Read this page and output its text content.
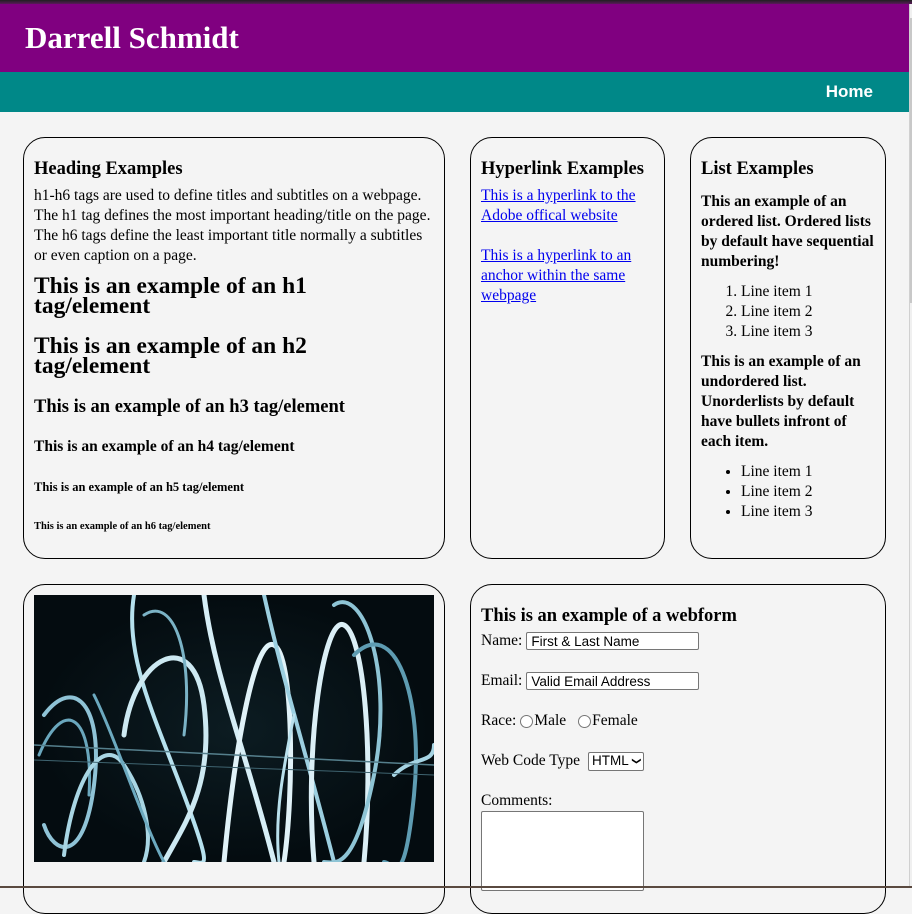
Darrell Schmidt
Home
Heading Examples

h1-h6 tags are used to define titles and subtitles on a webpage. The h1 tag defines the most important heading/title on the page. The h6 tags define the least important title normally a subtitles or even caption on a page.

This is an example of an h1 tag/element
This is an example of an h2 tag/element
This is an example of an h3 tag/element
This is an example of an h4 tag/element
This is an example of an h5 tag/element
This is an example of an h6 tag/element
Hyperlink Examples
This is a hyperlink to the Adobe offical website
This is a hyperlink to an anchor within the same webpage
List Examples

This an example of an ordered list. Ordered lists by default have sequential numbering!

1. Line item 1
2. Line item 2
3. Line item 3

This is an example of an undordered list. Unorderlists by default have bullets infront of each item.

• Line item 1
• Line item 2
• Line item 3
This is an example of a webform
Name:
First & Last Name
Email:
Valid Email Address
Race: Male Female
Web Code Type HTML ❯
Comments:
